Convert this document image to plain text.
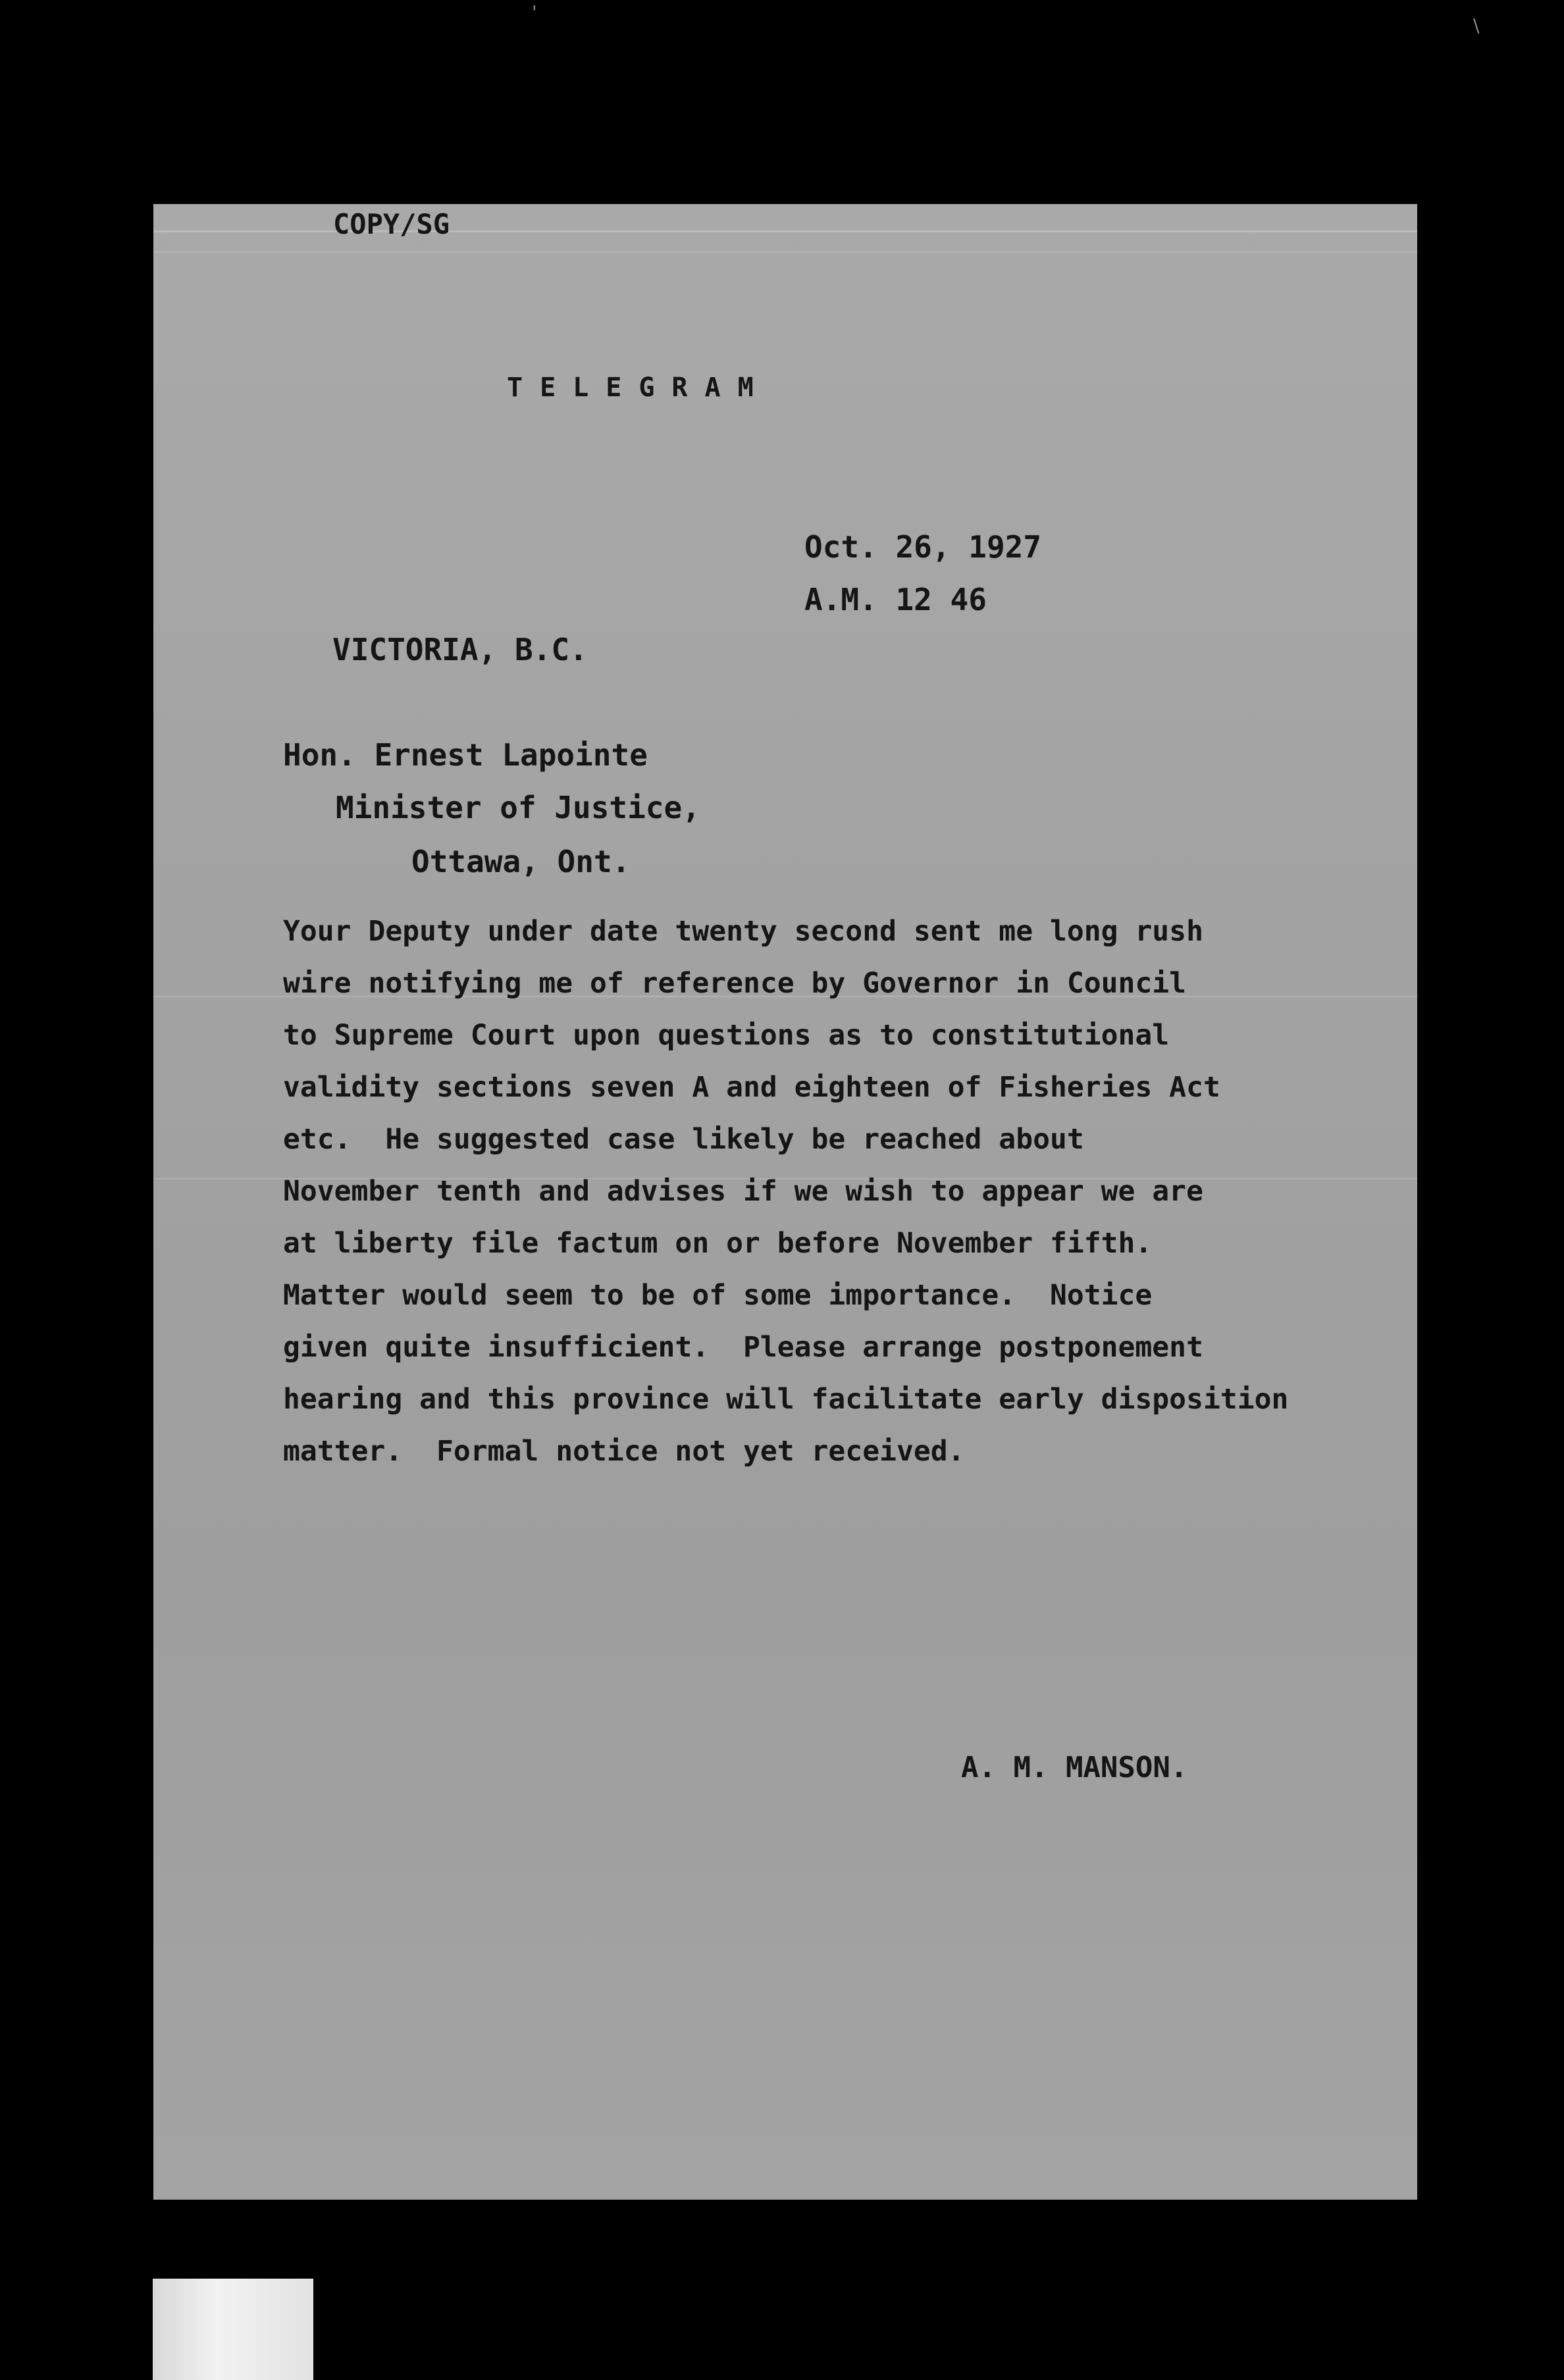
COPY/SG

TELEGRAM

Oct. 26, 1927

A.M. 12 46

VICTORIA, B.C.

Hon. Ernest Lapointe

Minister of Justice,

Ottawa, Ont.

Your Deputy under date twenty second sent me long rush
wire notifying me of reference by Governor in Council
to Supreme Court upon questions as to constitutional
validity sections seven A and eighteen of Fisheries Act
etc.  He suggested case likely be reached about
November tenth and advises if we wish to appear we are
at liberty file factum on or before November fifth.
Matter would seem to be of some importance.  Notice
given quite insufficient.  Please arrange postponement
hearing and this province will facilitate early disposition
matter.  Formal notice not yet received.

A. M. MANSON.

'
\
